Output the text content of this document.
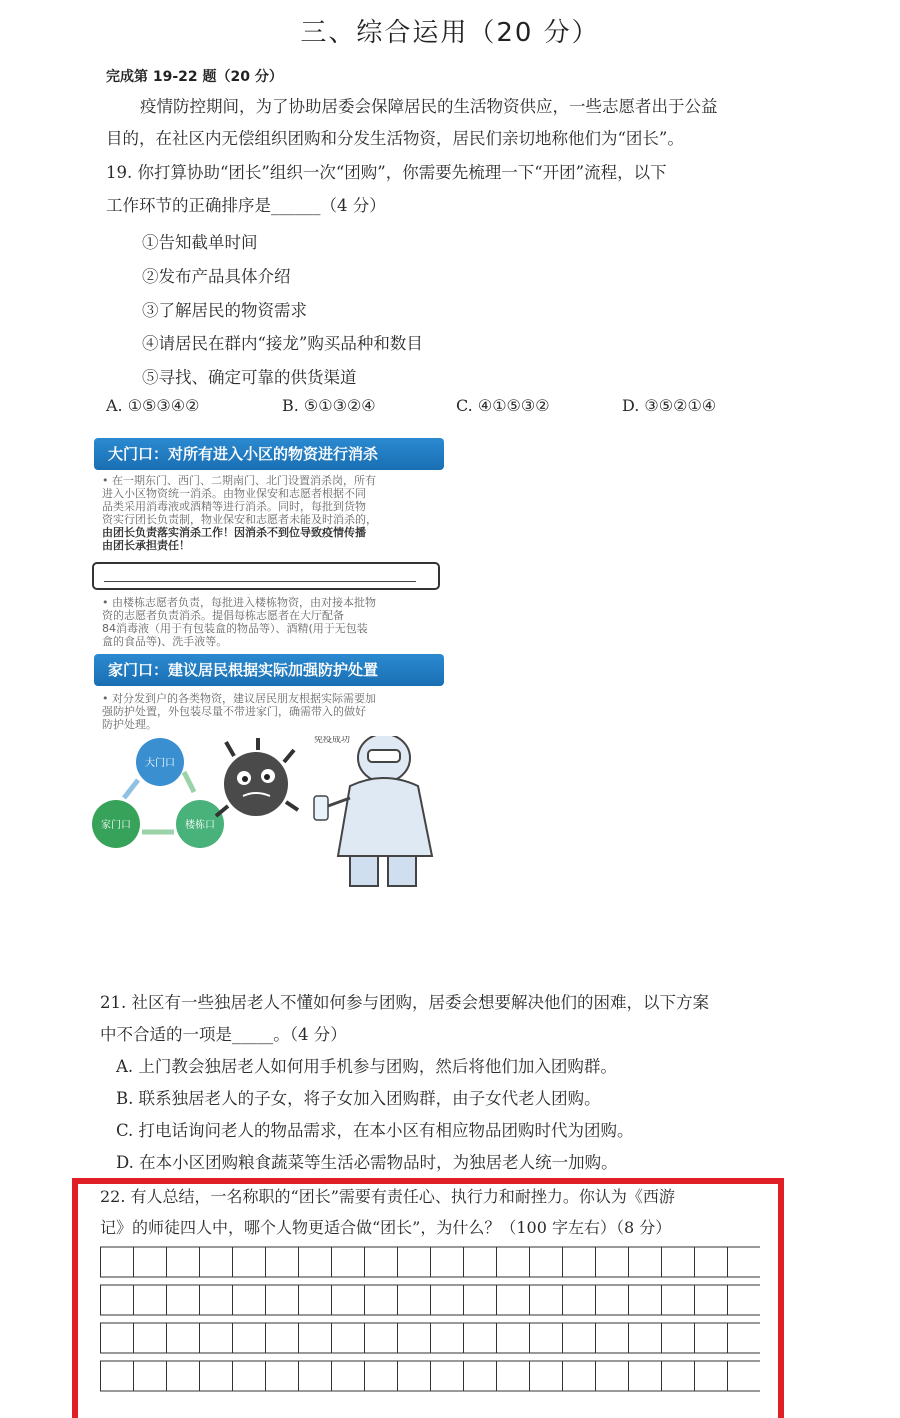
三、综合运用（20 分）
完成第 19-22 题（20 分）
疫情防控期间，为了协助居委会保障居民的生活物资供应，一些志愿者出于公益
目的，在社区内无偿组织团购和分发生活物资，居民们亲切地称他们为“团长”。
19. 你打算协助“团长”组织一次“团购”，你需要先梳理一下“开团”流程，以下
工作环节的正确排序是______（4 分）
①告知截单时间
②发布产品具体介绍
③了解居民的物资需求
④请居民在群内“接龙”购买品种和数目
⑤寻找、确定可靠的供货渠道
A. ①⑤③④②	B. ⑤①③②④	C. ④①⑤③②	D. ③⑤②①④
大门口：对所有进入小区的物资进行消杀
• 在一期东门、西门、二期南门、北门设置消杀岗，所有
进入小区物资统一消杀。由物业保安和志愿者根据不同
品类采用消毒液或酒精等进行消杀。同时，每批到货物
资实行团长负责制，物业保安和志愿者未能及时消杀的，
由团长负责落实消杀工作！因消杀不到位导致疫情传播
由团长承担责任！
• 由楼栋志愿者负责，每批进入楼栋物资，由对接本批物
资的志愿者负责消杀。提倡每栋志愿者在大厅配备
84消毒液（用于有包装盒的物品等）、酒精(用于无包装
盒的食品等)、洗手液等。
家门口：建议居民根据实际加强防护处置
• 对分发到户的各类物资，建议居民朋友根据实际需要加
强防护处置，外包装尽量不带进家门，确需带入的做好
防护处理。
大门口
家门口	楼栋口
免疫成功
21. 社区有一些独居老人不懂如何参与团购，居委会想要解决他们的困难，以下方案
中不合适的一项是_____。（4 分）
A. 上门教会独居老人如何用手机参与团购，然后将他们加入团购群。
B. 联系独居老人的子女，将子女加入团购群，由子女代老人团购。
C. 打电话询问老人的物品需求，在本小区有相应物品团购时代为团购。
D. 在本小区团购粮食蔬菜等生活必需物品时，为独居老人统一加购。
22. 有人总结，一名称职的“团长”需要有责任心、执行力和耐挫力。你认为《西游
记》的师徒四人中，哪个人物更适合做“团长”，为什么？（100 字左右）（8 分）
